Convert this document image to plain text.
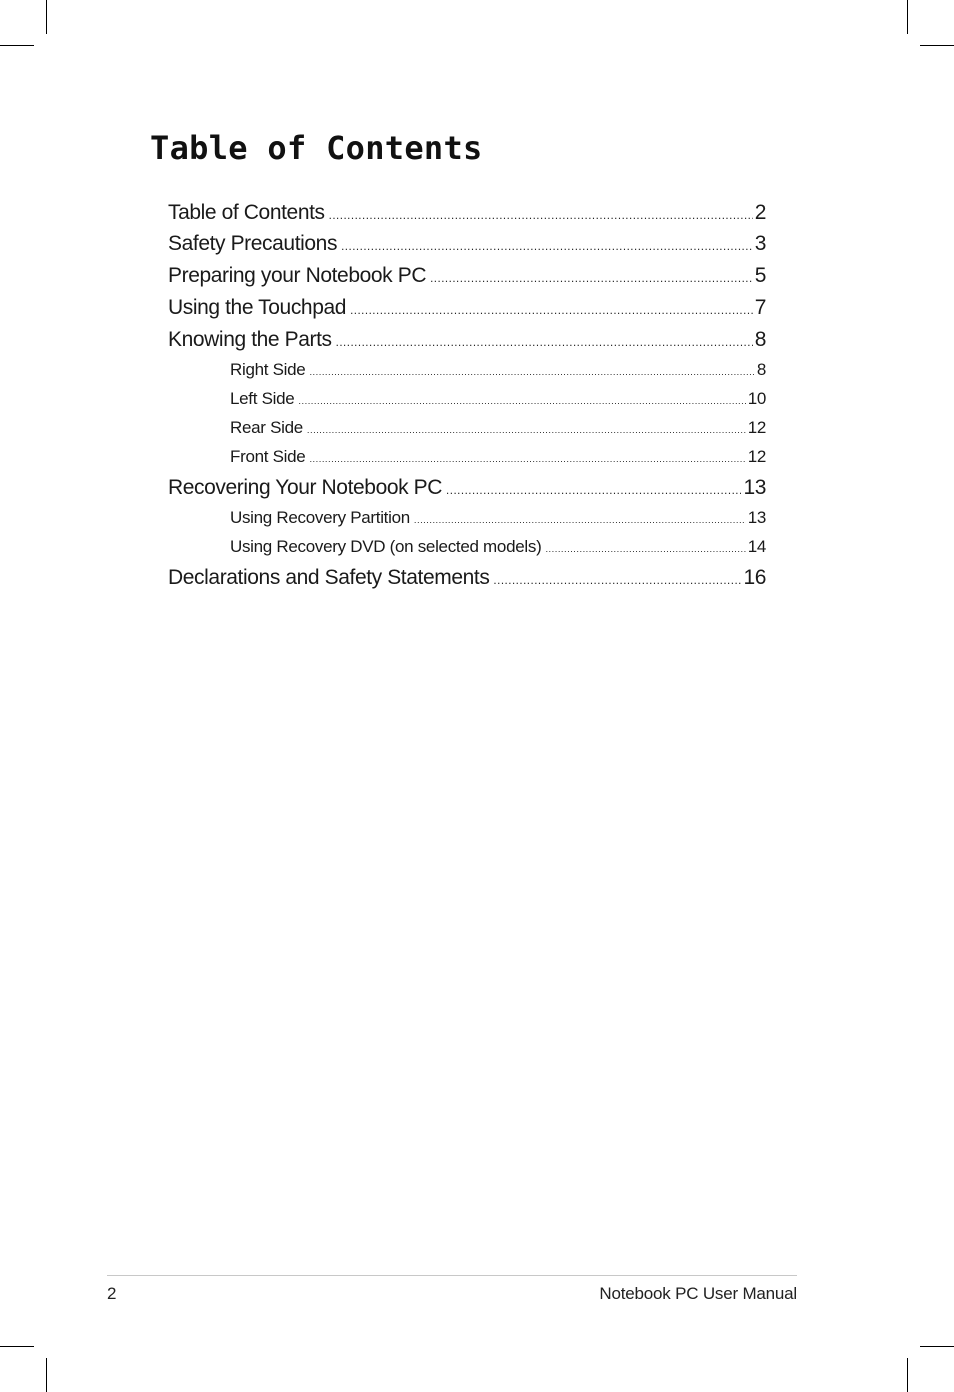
Table of Contents
Table of Contents .....	2
Safety Precautions .....	3
Preparing your Notebook PC .....	5
Using the Touchpad .....	7
Knowing the Parts .....	8
Right Side .....	8
Left Side .....	10
Rear Side .....	12
Front Side .....	12
Recovering Your Notebook PC .....	13
Using Recovery Partition .....	13
Using Recovery DVD (on selected models) .....	14
Declarations and Safety Statements .....	16
2	Notebook PC User Manual
